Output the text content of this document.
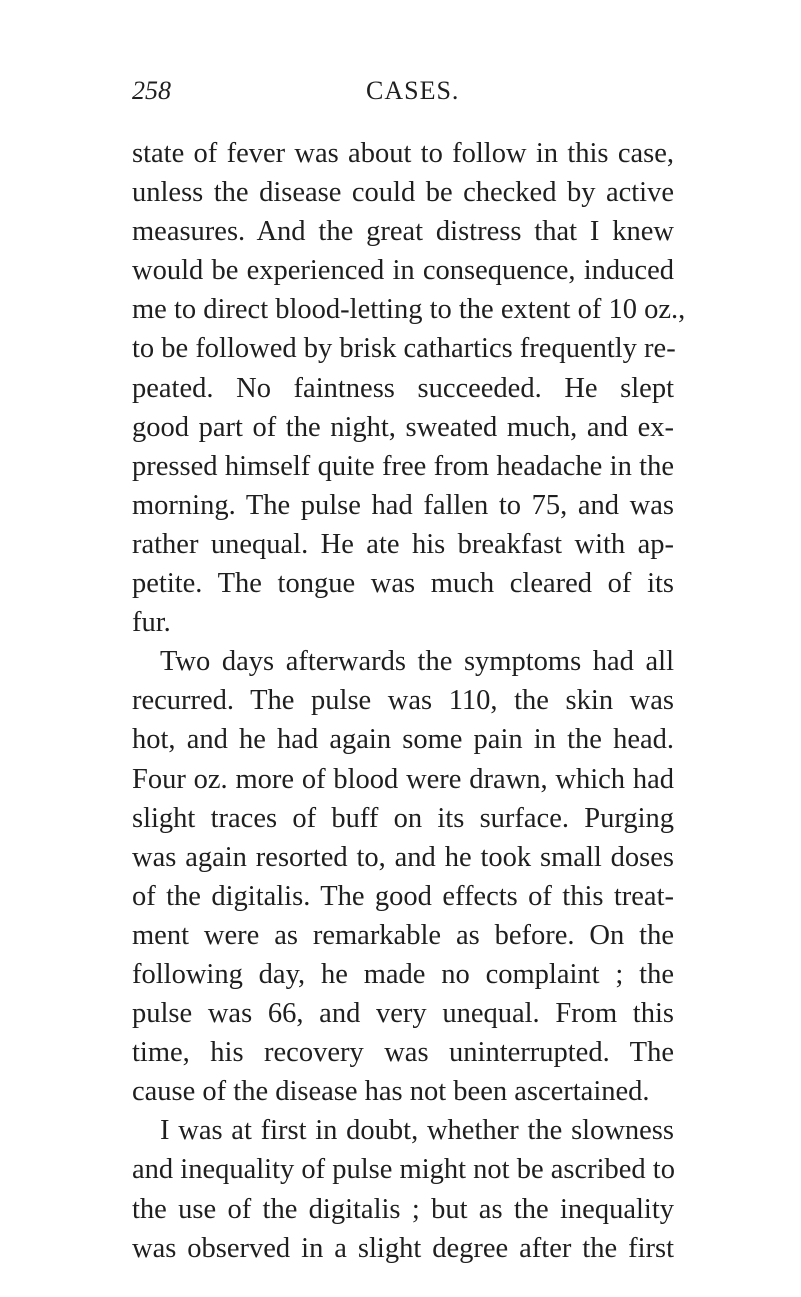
258	CASES.
state of fever was about to follow in this case,
unless the disease could be checked by active
measures. And the great distress that I knew
would be experienced in consequence, induced
me to direct blood-letting to the extent of 10 oz.,
to be followed by brisk cathartics frequently re-
peated. No faintness succeeded. He slept
good part of the night, sweated much, and ex-
pressed himself quite free from headache in the
morning. The pulse had fallen to 75, and was
rather unequal. He ate his breakfast with ap-
petite. The tongue was much cleared of its
fur.
Two days afterwards the symptoms had all
recurred. The pulse was 110, the skin was
hot, and he had again some pain in the head.
Four oz. more of blood were drawn, which had
slight traces of buff on its surface. Purging
was again resorted to, and he took small doses
of the digitalis. The good effects of this treat-
ment were as remarkable as before. On the
following day, he made no complaint ; the
pulse was 66, and very unequal. From this
time, his recovery was uninterrupted. The
cause of the disease has not been ascertained.
I was at first in doubt, whether the slowness
and inequality of pulse might not be ascribed to
the use of the digitalis ; but as the inequality
was observed in a slight degree after the first
